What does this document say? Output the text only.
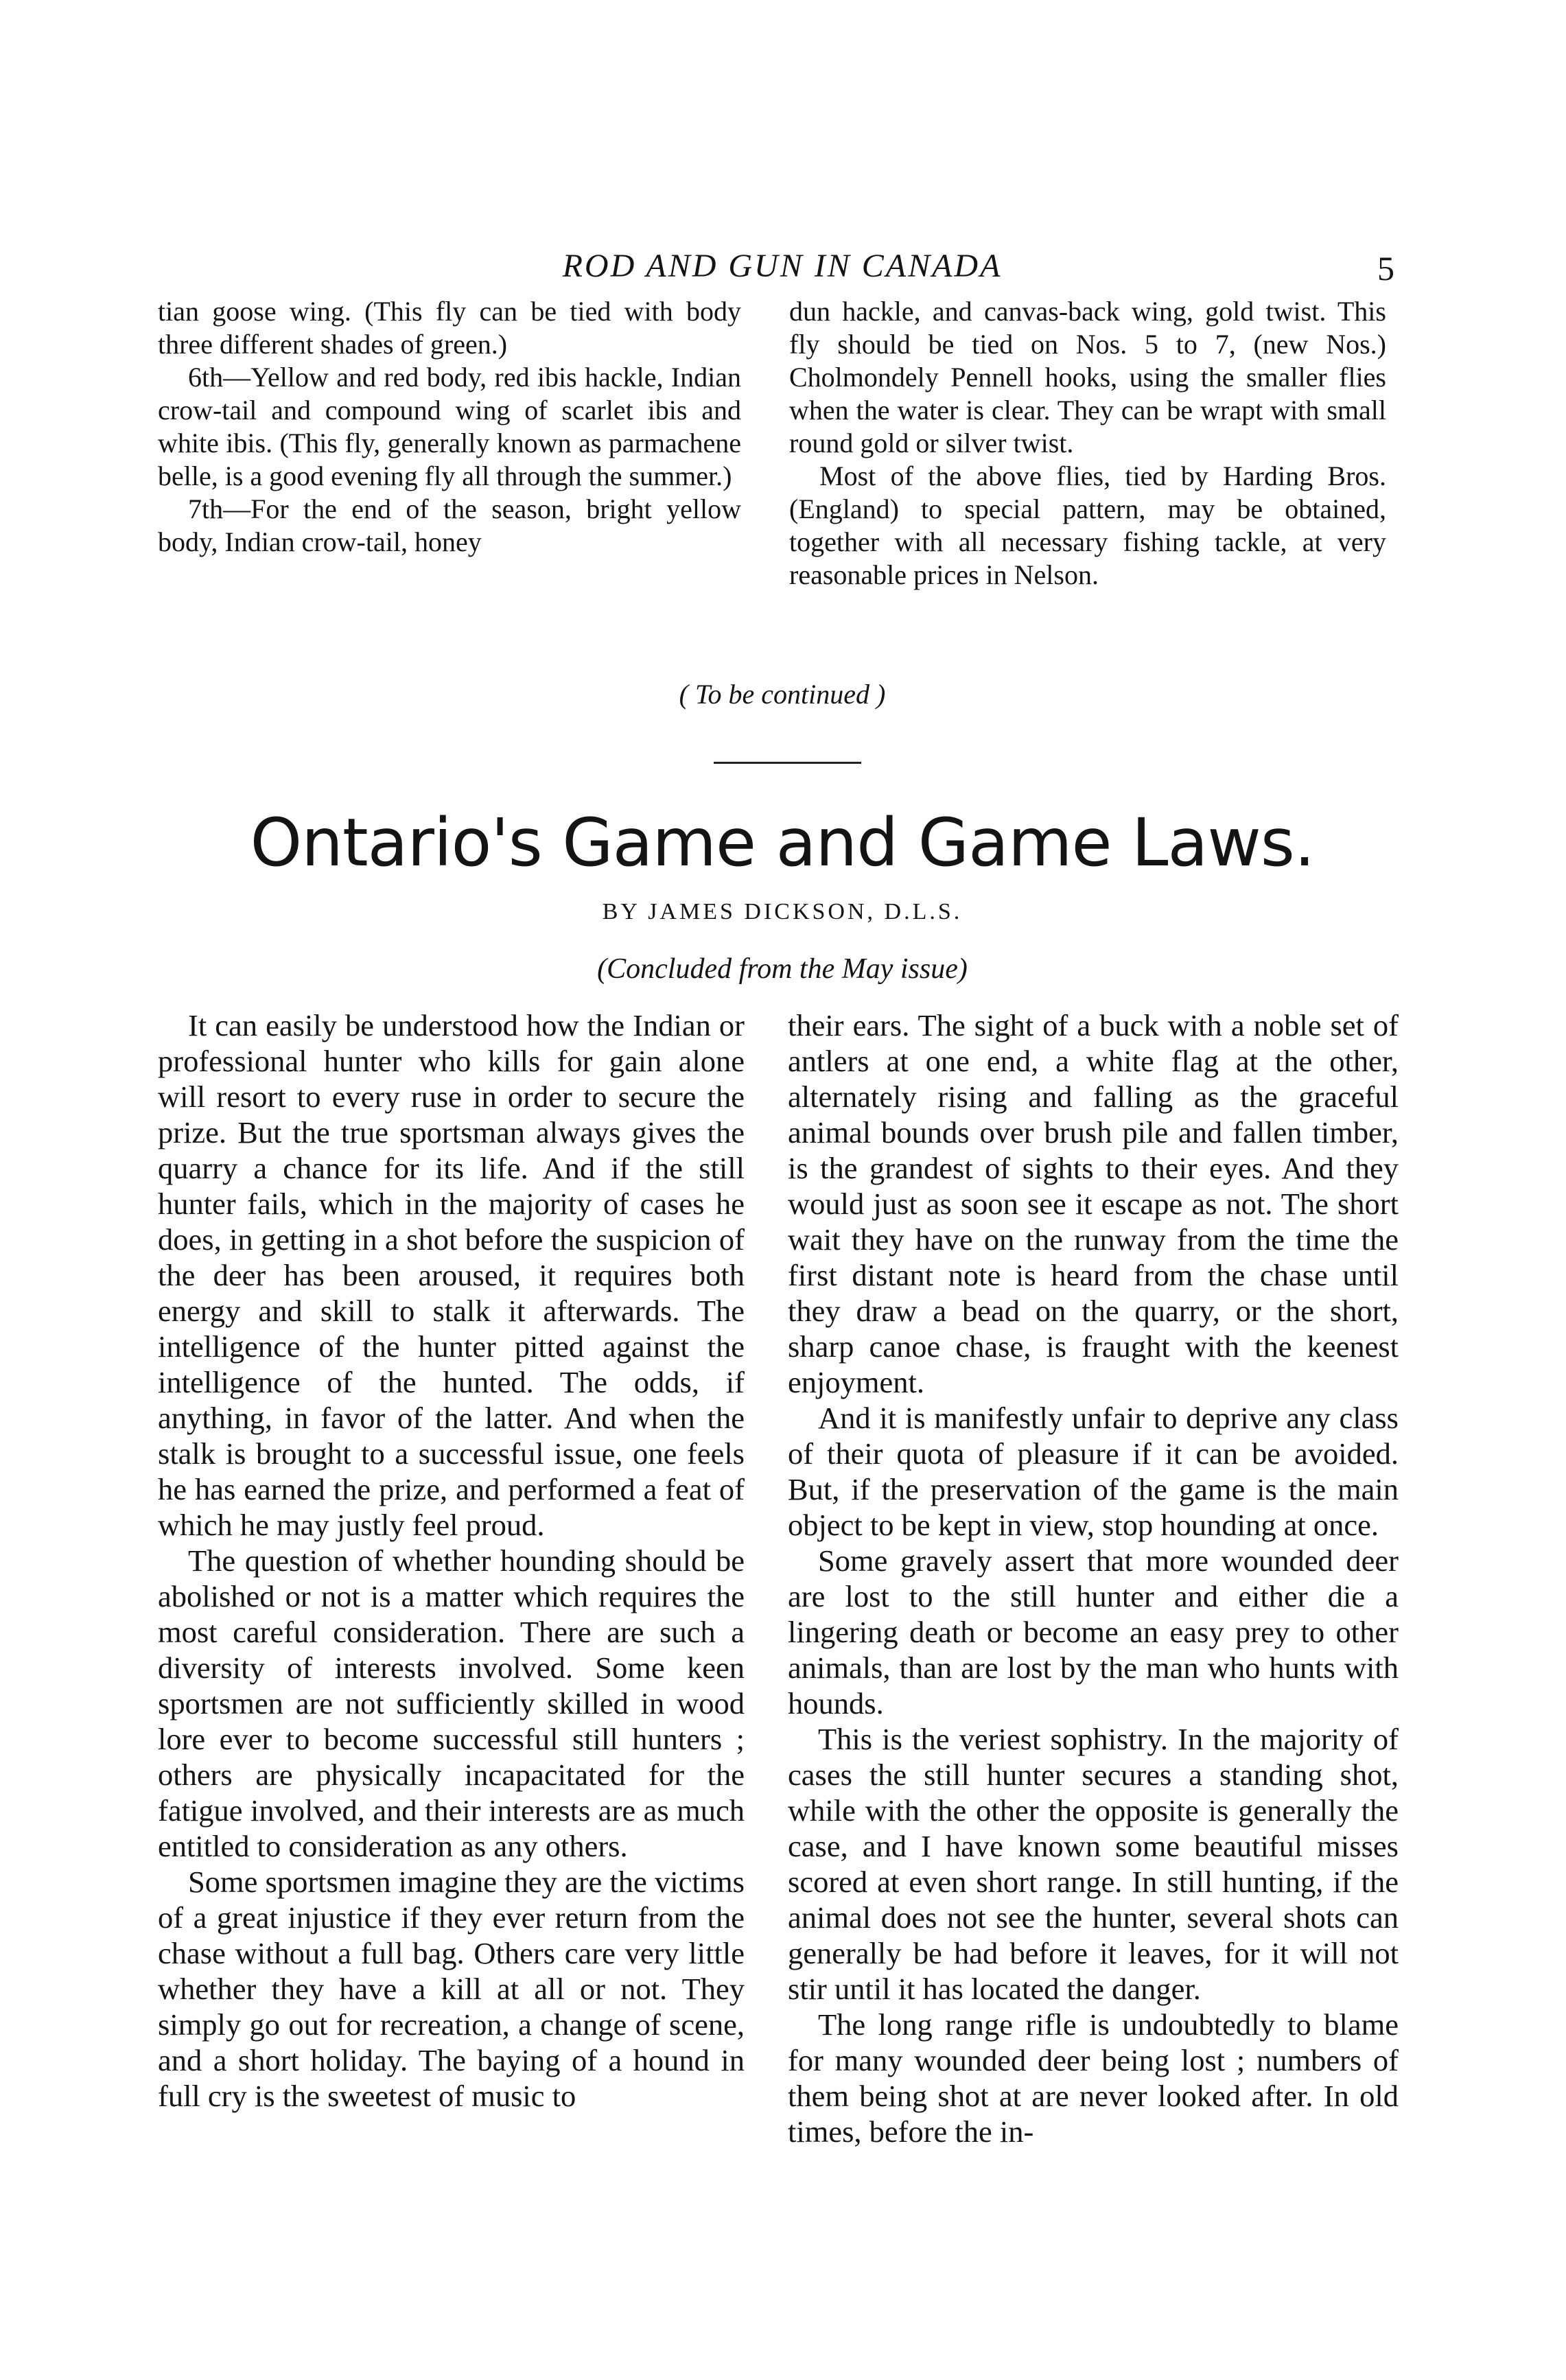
ROD AND GUN IN CANADA	5

tian goose wing. (This fly can be tied with body three different shades of green.)

6th—Yellow and red body, red ibis hackle, Indian crow-tail and compound wing of scarlet ibis and white ibis. (This fly, generally known as parmachene belle, is a good evening fly all through the summer.)

7th—For the end of the season, bright yellow body, Indian crow-tail, honey

dun hackle, and canvas-back wing, gold twist. This fly should be tied on Nos. 5 to 7, (new Nos.) Cholmondely Pennell hooks, using the smaller flies when the water is clear. They can be wrapt with small round gold or silver twist.

Most of the above flies, tied by Harding Bros. (England) to special pattern, may be obtained, together with all necessary fishing tackle, at very reasonable prices in Nelson.

( To be continued )
Ontario's Game and Game Laws.
BY JAMES DICKSON, D.L.S.
(Concluded from the May issue)

It can easily be understood how the Indian or professional hunter who kills for gain alone will resort to every ruse in order to secure the prize. But the true sportsman always gives the quarry a chance for its life. And if the still hunter fails, which in the majority of cases he does, in getting in a shot before the suspicion of the deer has been aroused, it requires both energy and skill to stalk it afterwards. The intelligence of the hunter pitted against the intelligence of the hunted. The odds, if anything, in favor of the latter. And when the stalk is brought to a successful issue, one feels he has earned the prize, and performed a feat of which he may justly feel proud.

The question of whether hounding should be abolished or not is a matter which requires the most careful consideration. There are such a diversity of interests involved. Some keen sportsmen are not sufficiently skilled in wood lore ever to become successful still hunters ; others are physically incapacitated for the fatigue involved, and their interests are as much entitled to consideration as any others.

Some sportsmen imagine they are the victims of a great injustice if they ever return from the chase without a full bag. Others care very little whether they have a kill at all or not. They simply go out for recreation, a change of scene, and a short holiday. The baying of a hound in full cry is the sweetest of music to

their ears. The sight of a buck with a noble set of antlers at one end, a white flag at the other, alternately rising and falling as the graceful animal bounds over brush pile and fallen timber, is the grandest of sights to their eyes. And they would just as soon see it escape as not. The short wait they have on the runway from the time the first distant note is heard from the chase until they draw a bead on the quarry, or the short, sharp canoe chase, is fraught with the keenest enjoyment.

And it is manifestly unfair to deprive any class of their quota of pleasure if it can be avoided. But, if the preservation of the game is the main object to be kept in view, stop hounding at once.

Some gravely assert that more wounded deer are lost to the still hunter and either die a lingering death or become an easy prey to other animals, than are lost by the man who hunts with hounds.

This is the veriest sophistry. In the majority of cases the still hunter secures a standing shot, while with the other the opposite is generally the case, and I have known some beautiful misses scored at even short range. In still hunting, if the animal does not see the hunter, several shots can generally be had before it leaves, for it will not stir until it has located the danger.

The long range rifle is undoubtedly to blame for many wounded deer being lost ; numbers of them being shot at are never looked after. In old times, before the in-
